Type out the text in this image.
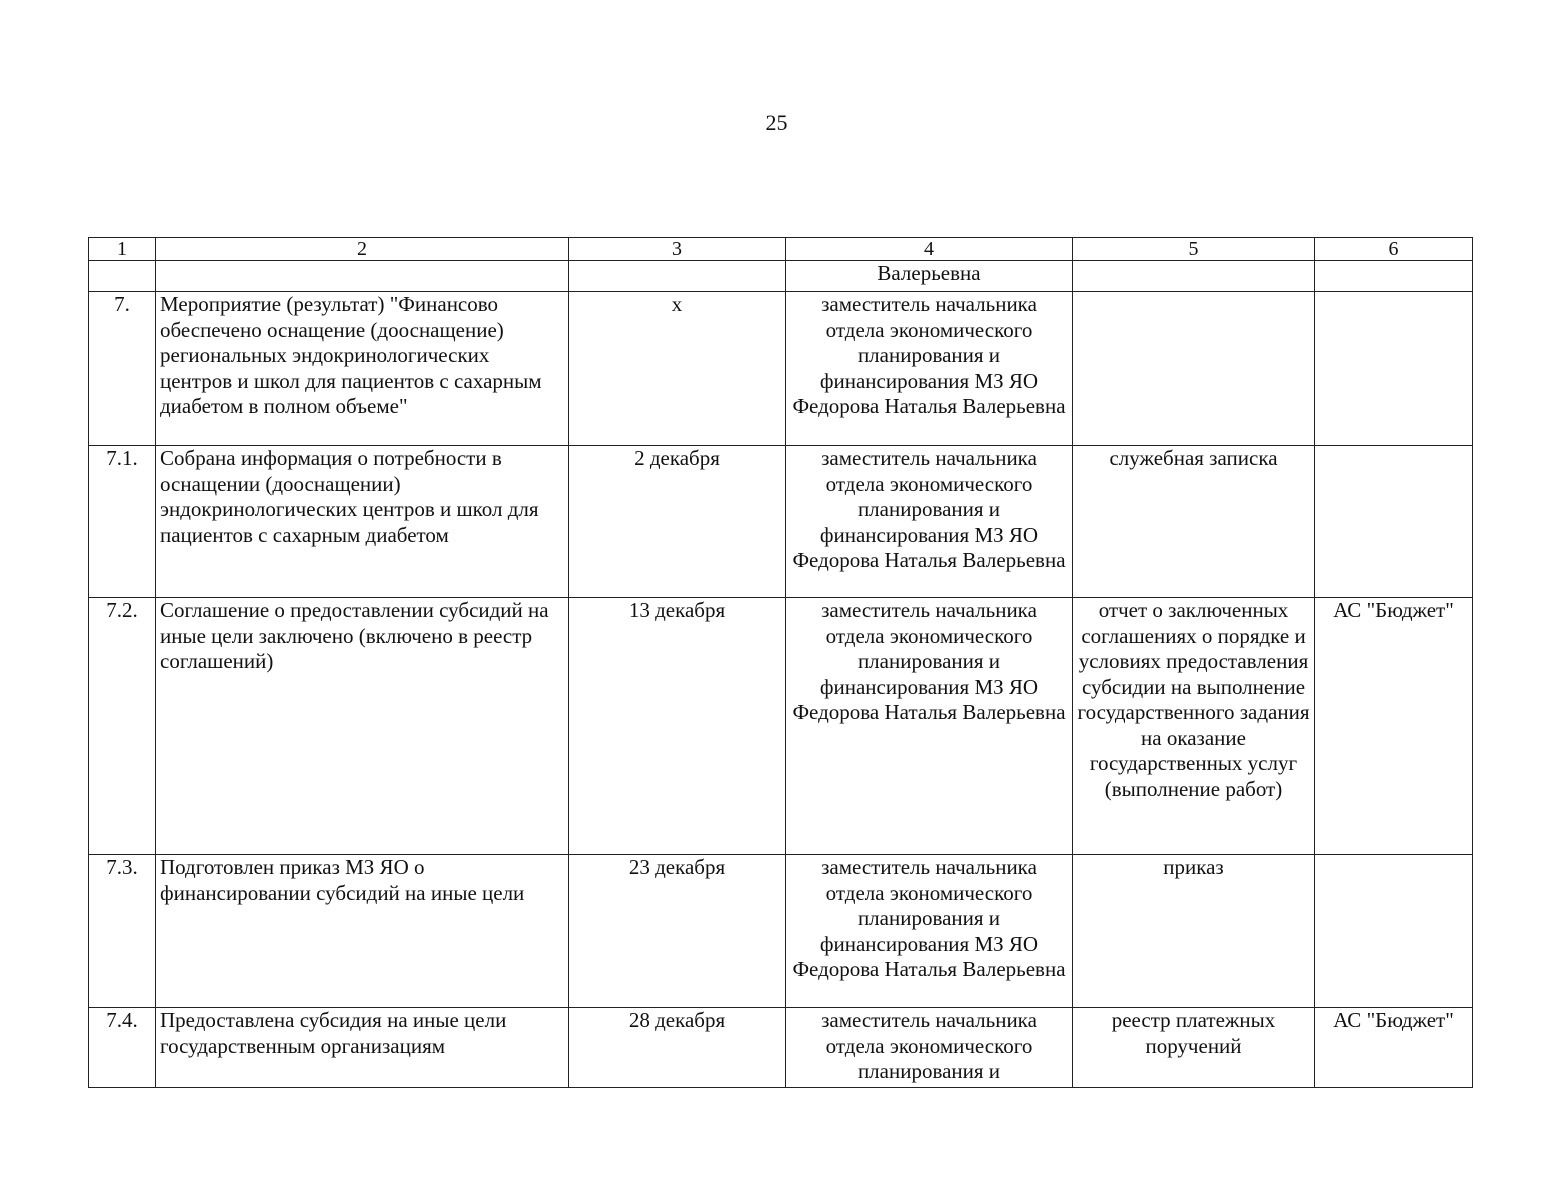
25
1	2	3	4	5	6
			Валерьевна		
7.	Мероприятие (результат) "Финансово обеспечено оснащение (дооснащение) региональных эндокринологических центров и школ для пациентов с сахарным диабетом в полном объеме"	х	заместитель начальника отдела экономического планирования и финансирования МЗ ЯО Федорова Наталья Валерьевна		
7.1.	Собрана информация о потребности в оснащении (дооснащении) эндокринологических центров и школ для пациентов с сахарным диабетом	2 декабря	заместитель начальника отдела экономического планирования и финансирования МЗ ЯО Федорова Наталья Валерьевна	служебная записка	
7.2.	Соглашение о предоставлении субсидий на иные цели заключено (включено в реестр соглашений)	13 декабря	заместитель начальника отдела экономического планирования и финансирования МЗ ЯО Федорова Наталья Валерьевна	отчет о заключенных соглашениях о порядке и условиях предоставления субсидии на выполнение государственного задания на оказание государственных услуг (выполнение работ)	АС "Бюджет"
7.3.	Подготовлен приказ МЗ ЯО о финансировании субсидий на иные цели	23 декабря	заместитель начальника отдела экономического планирования и финансирования МЗ ЯО Федорова Наталья Валерьевна	приказ	
7.4.	Предоставлена субсидия на иные цели государственным организациям	28 декабря	заместитель начальника отдела экономического планирования и	реестр платежных поручений	АС "Бюджет"
